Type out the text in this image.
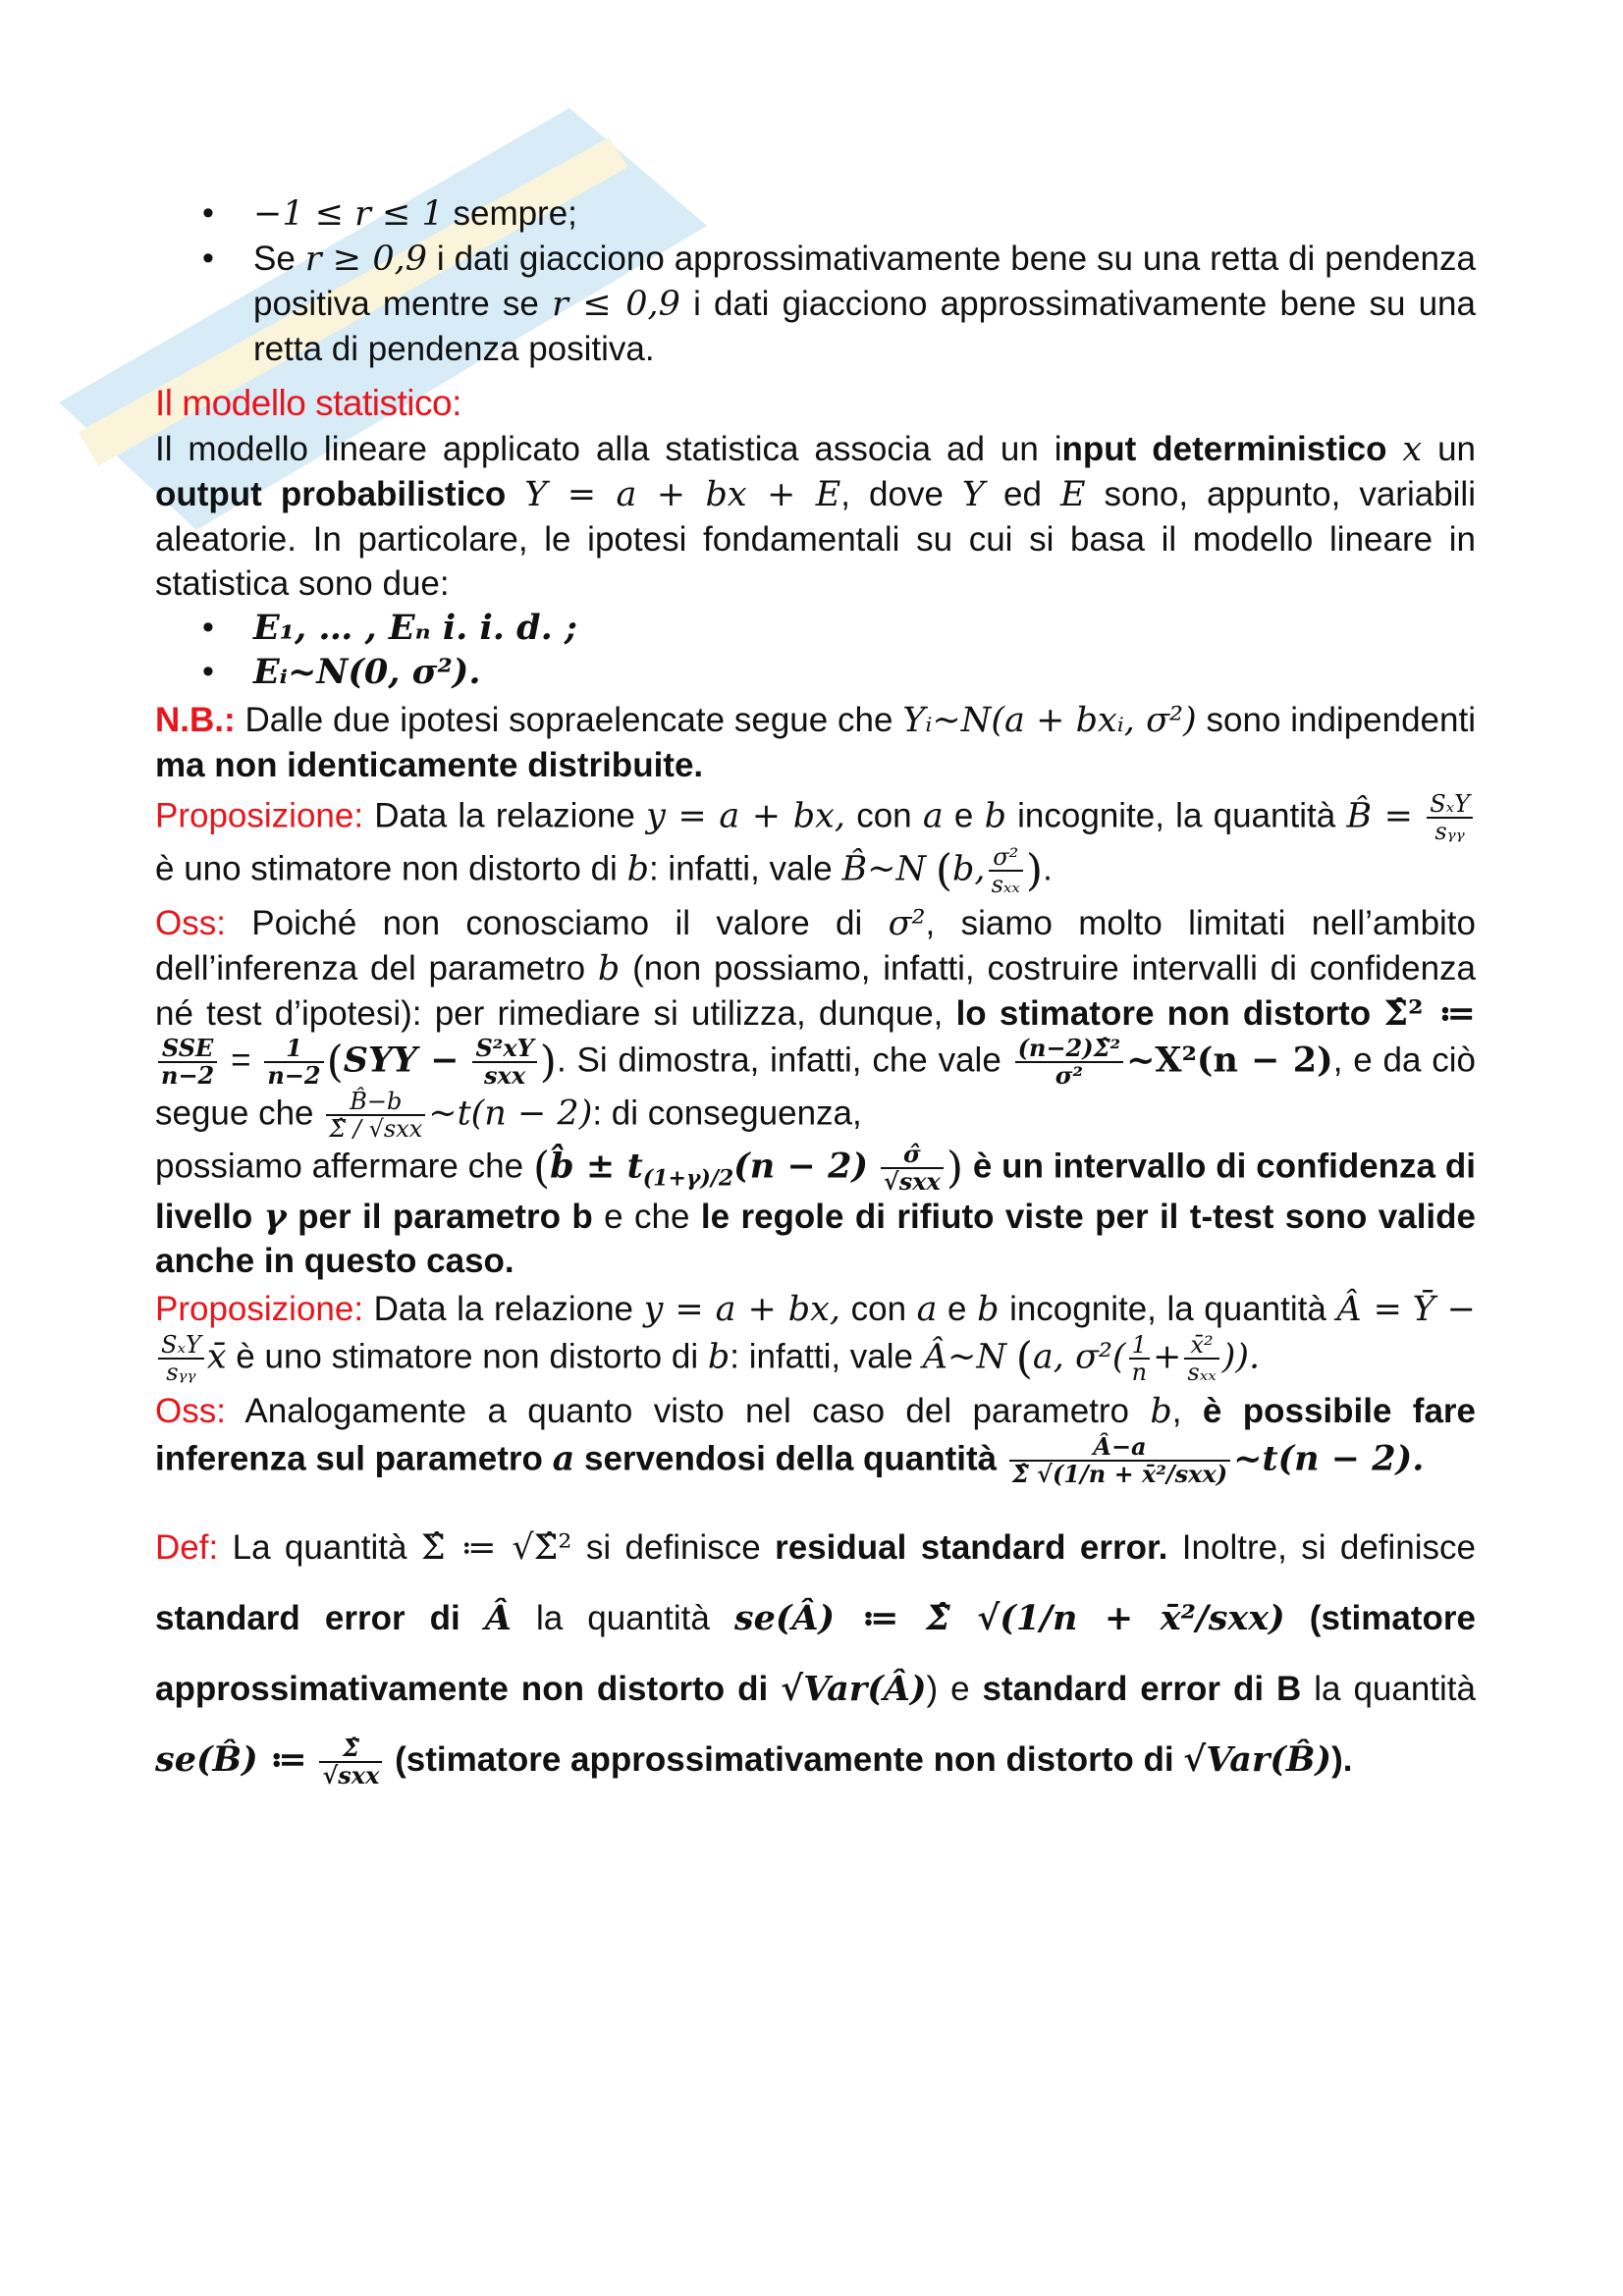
• −1 ≤ r ≤ 1 sempre;
• Se r ≥ 0,9 i dati giacciono approssimativamente bene su una retta di pendenza positiva mentre se r ≤ 0,9 i dati giacciono approssimativamente bene su una retta di pendenza positiva.
Il modello statistico:

Il modello lineare applicato alla statistica associa ad un input deterministico x un output probabilistico Y = a + bx + E, dove Y ed E sono, appunto, variabili aleatorie. In particolare, le ipotesi fondamentali su cui si basa il modello lineare in statistica sono due:

• E₁, … , Eₙ i. i. d. ;
• Eᵢ~N(0, σ²).

N.B.: Dalle due ipotesi sopraelencate segue che Yᵢ~N(a + bxᵢ, σ²) sono indipendenti ma non identicamente distribuite.

Proposizione: Data la relazione y = a + bx, con a e b incognite, la quantità B̂ = $\frac{\text{SₓY}}{\text{sᵧᵧ}}$
è uno stimatore non distorto di b: infatti, vale B̂~N (b, $\frac{\text{σ²}}{\text{sₓₓ}}$ ).

Oss: Poiché non conosciamo il valore di σ², siamo molto limitati nell’ambito dell’inferenza del parametro b (non possiamo, infatti, costruire intervalli di confidenza né test d’ipotesi): per rimediare si utilizza, dunque, lo stimatore non distorto Σ̂² ≔
$\frac{\text{SSE}}{n-2} = \frac{1}{n-2} (SYY - \frac{\text{S²xY}}{\text{sxx}}$ ). Si dimostra, infatti, che vale $\frac{\text{(n−2)Σ̂²}}{\text{σ²}}$ ~Χ²(n − 2), e da ciò segue che $\frac{B̂-b}{\text{Σ̂ / √sxx}}$ ~t(n − 2): di conseguenza,
possiamo affermare che (b̂ ± $t_{(1+\gamma)/2}(n - 2) \frac{\sigmâ}{\text{√sxx}}$ ) è un intervallo di confidenza di livello γ per il parametro b e che le regole di rifiuto viste per il t-test sono valide anche in questo caso.

Proposizione: Data la relazione y = a + bx, con a e b incognite, la quantità Â = Ȳ −
$\frac{\text{SₓY}}{\text{sᵧᵧ}}$ x̄ è uno stimatore non distorto di b: infatti, vale Â~N (a, $\sigma^2( \frac{1}{n} + \frac{\text{x̄²}}{\text{sₓₓ}}$ )).

Oss: Analogamente a quanto visto nel caso del parametro b, è possibile fare inferenza sul parametro a servendosi della quantità $\frac{Â-a}{\text{Σ̂ √(1/n + x̄²/sxx)}}$ ~t(n − 2).

Def: La quantità Σ̂ ≔ √Σ̂² si definisce residual standard error. Inoltre, si definisce standard error di Â la quantità se(Â) ≔ Σ̂ √(1/n + x̄²/sxx) (stimatore approssimativamente non distorto di √Var(Â)) e standard error di B la quantità se(B̂) ≔ $\frac{\Sigmâ}{\text{√sxx}}$ (stimatore approssimativamente non distorto di √Var(B̂)).
